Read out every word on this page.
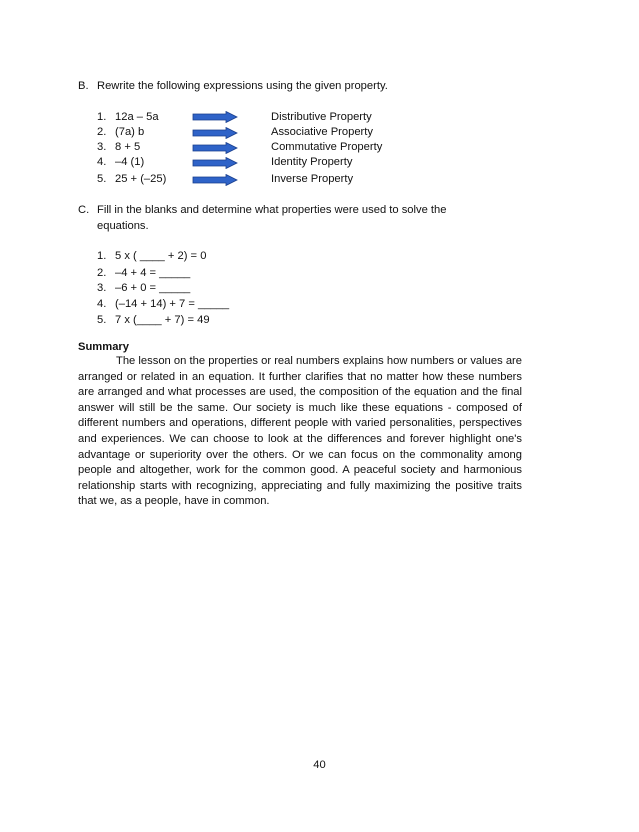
B. Rewrite the following expressions using the given property.
1. 12a – 5a	Distributive Property
2. (7a) b	Associative Property
3. 8 + 5	Commutative Property
4. –4 (1)	Identity Property
5. 25 + (–25)	Inverse Property
C. Fill in the blanks and determine what properties were used to solve the
equations.
1. 5 x ( ____ + 2) = 0
2. –4 + 4 = _____
3. –6 + 0 = _____
4. (–14 + 14) + 7 = _____
5. 7 x (____ + 7) = 49
Summary
The lesson on the properties or real numbers explains how numbers or values are arranged or related in an equation. It further clarifies that no matter how these numbers are arranged and what processes are used, the composition of the equation and the final answer will still be the same. Our society is much like these equations - composed of different numbers and operations, different people with varied personalities, perspectives and experiences. We can choose to look at the differences and forever highlight one's advantage or superiority over the others. Or we can focus on the commonality among people and altogether, work for the common good. A peaceful society and harmonious relationship starts with recognizing, appreciating and fully maximizing the positive traits that we, as a people, have in common.
40
